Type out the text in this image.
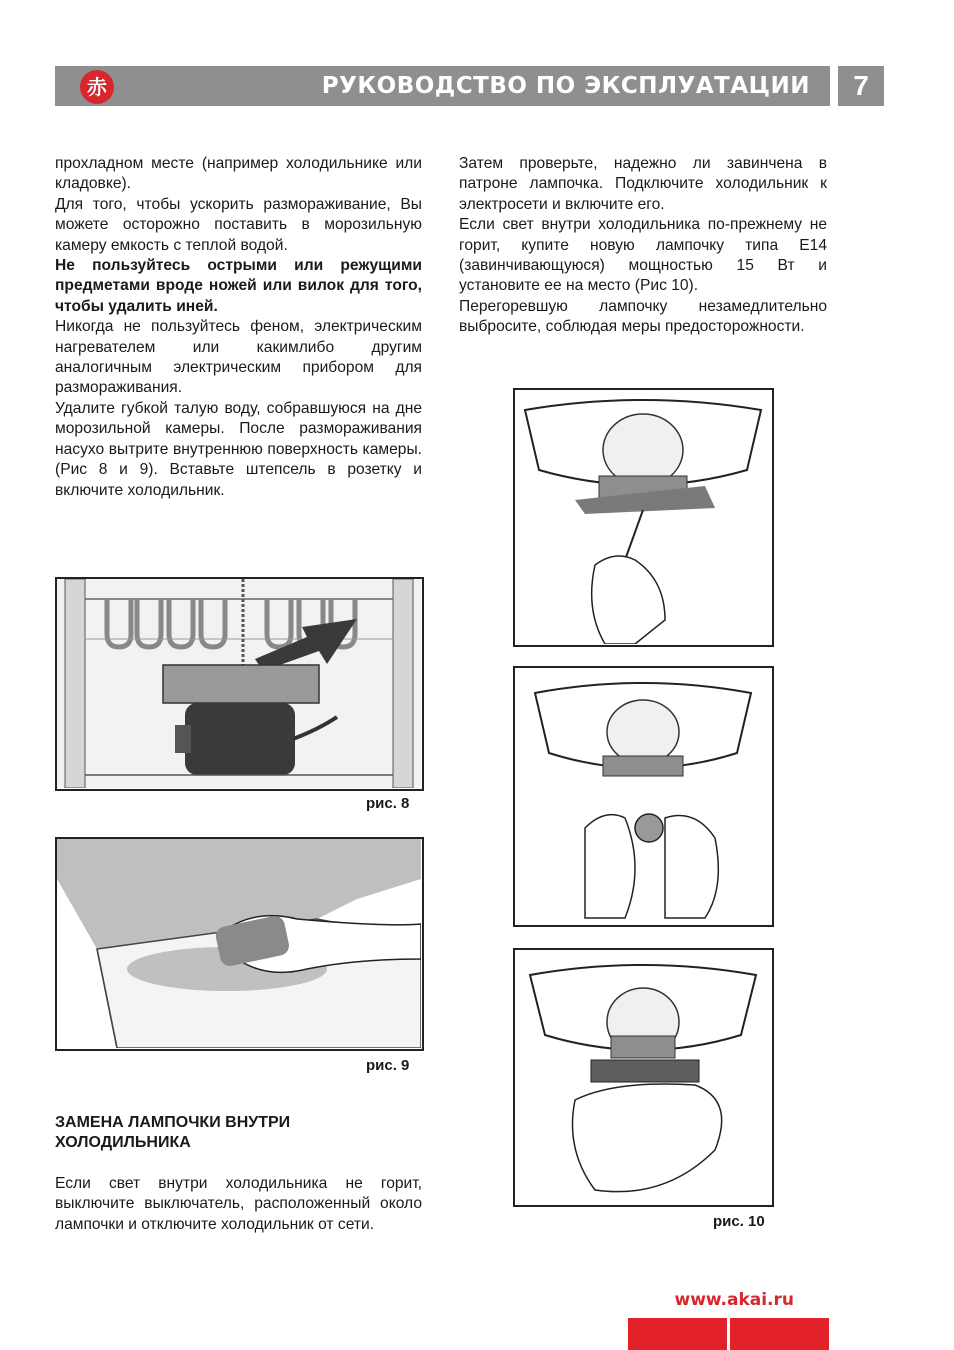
РУКОВОДСТВО ПО ЭКСПЛУАТАЦИИ
赤	7

прохладном месте (например холодильнике или кладовке).

Для того, чтобы ускорить размораживание, Вы можете осторожно поставить в морозильную камеру емкость с теплой водой.

Не пользуйтесь острыми или режущими предметами вроде ножей или вилок для того, чтобы удалить иней.

Никогда не пользуйтесь феном, электрическим нагревателем или какимлибо другим аналогичным электрическим прибором для размораживания.

Удалите губкой талую воду, собравшуюся на дне морозильной камеры. После размораживания насухо вытрите внутреннюю поверхность камеры. (Рис 8 и 9). Вставьте штепсель в розетку и включите холодильник.

Затем проверьте, надежно ли завинчена в патроне лампочка. Подключите холодильник к электросети и включите его.

Если свет внутри холодильника по-прежнему не горит, купите новую лампочку типа Е14 (завинчивающуюся) мощностью 15 Вт и установите ее на место (Рис 10).

Перегоревшую лампочку незамедлительно выбросите, соблюдая меры предосторожности.

рис. 8
рис. 9
ЗАМЕНА ЛАМПОЧКИ ВНУТРИ ХОЛОДИЛЬНИКА

Если свет внутри холодильника не горит, выключите выключатель, расположенный около лампочки и отключите холодильник от сети.	рис. 10
www.akai.ru
